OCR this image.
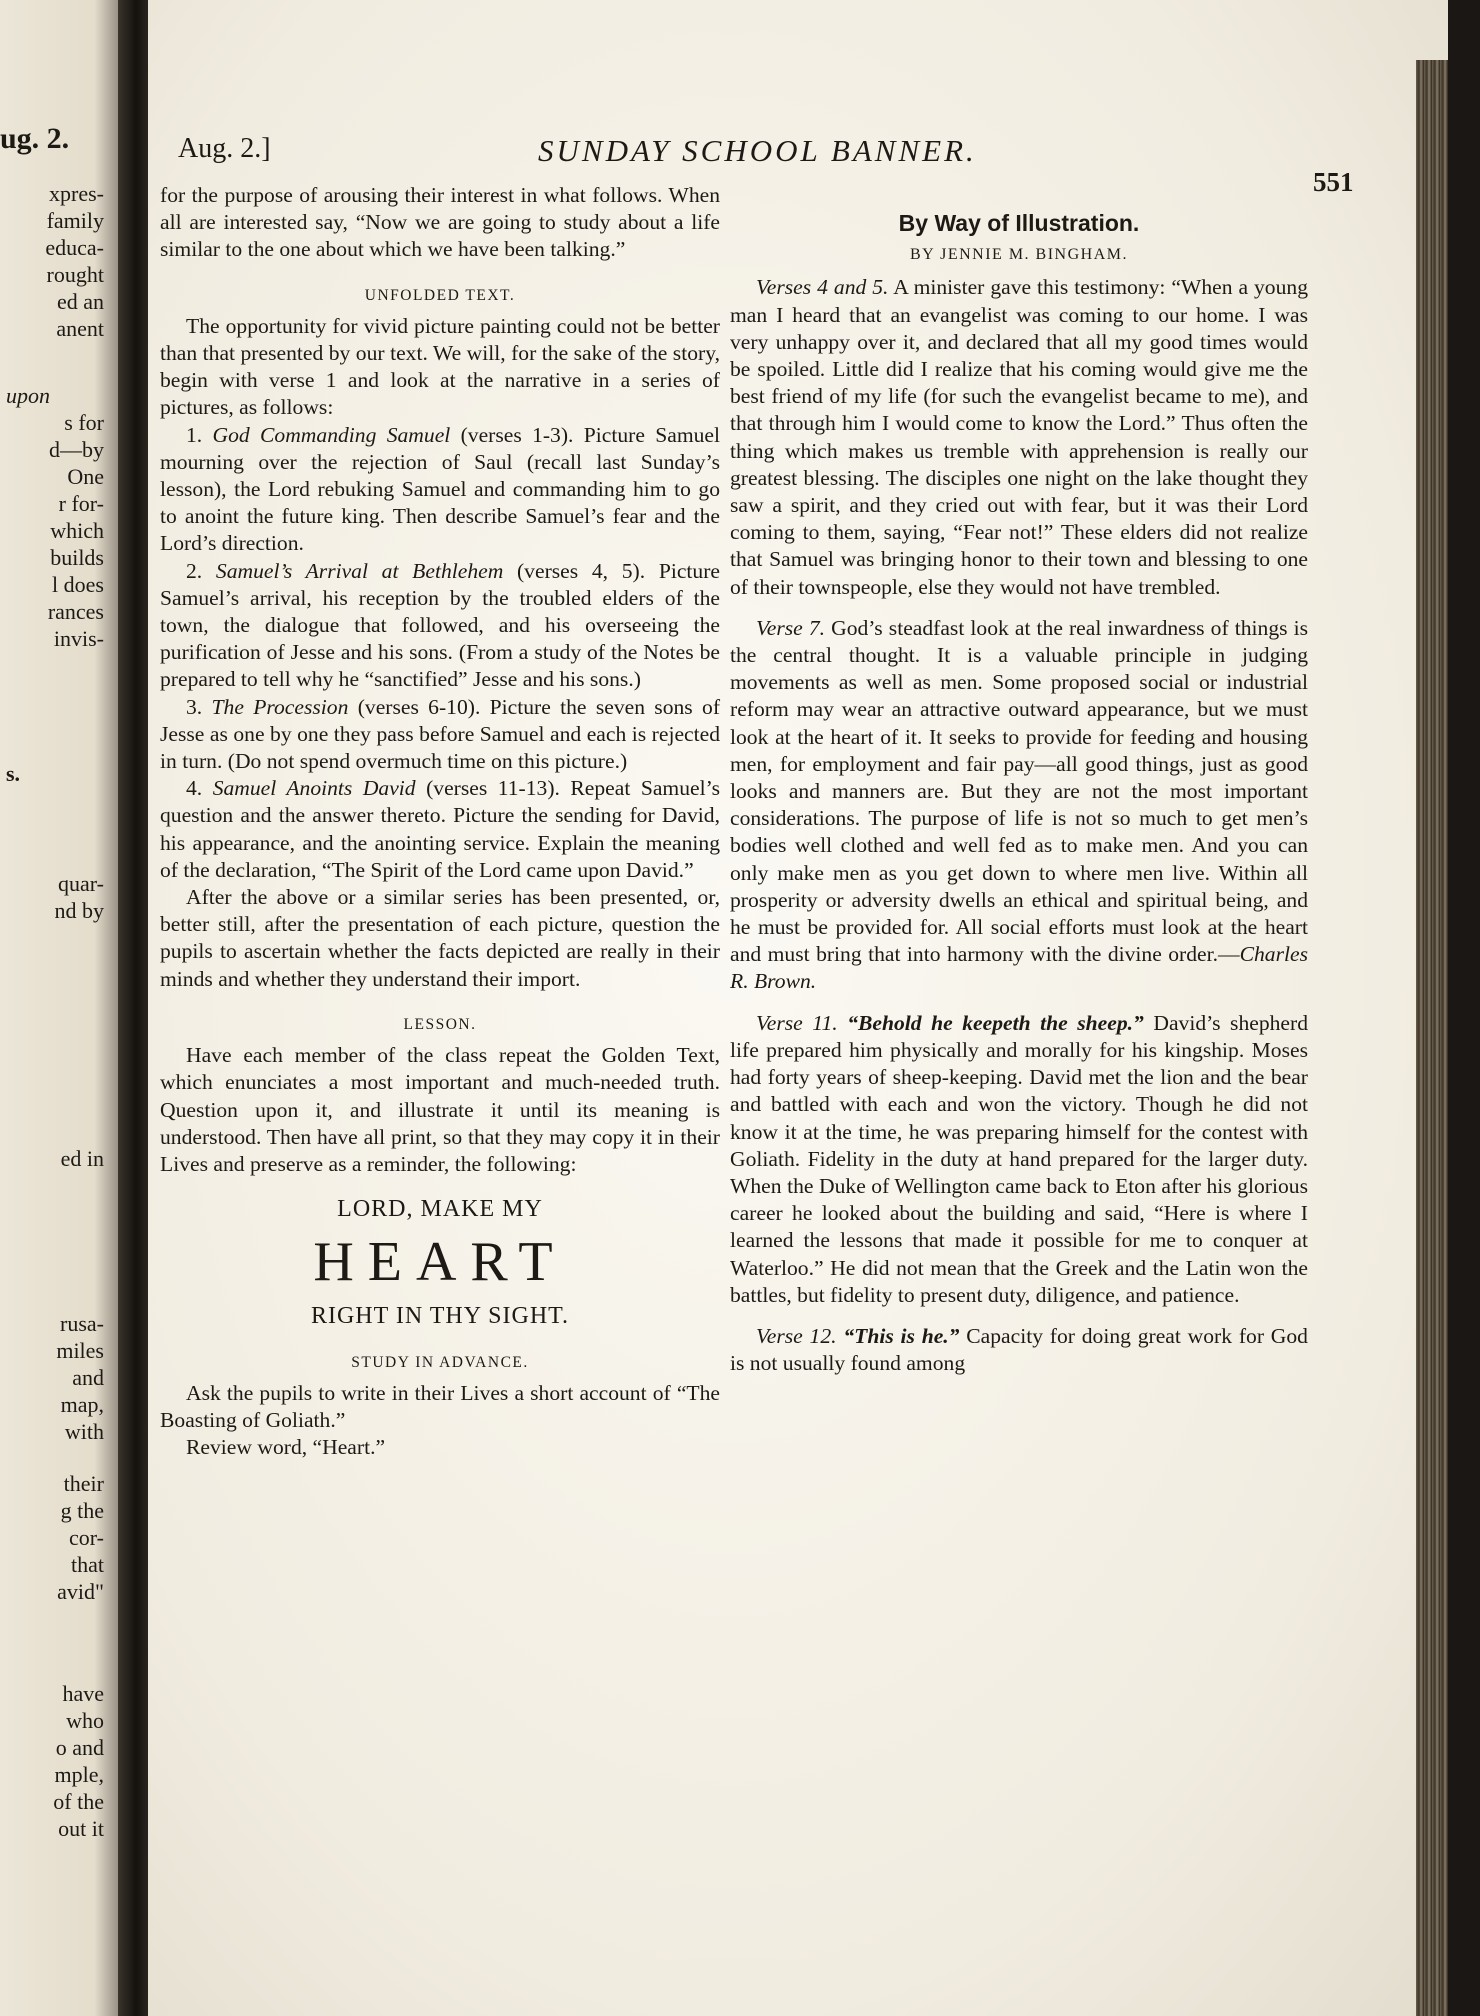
ug. 2.
xpres-
family
educa-
rought
ed an
anent
upon
s for
d—by
One
r for-
which
builds
l does
rances
invis-
s.
quar-
nd by
ed in
rusa-
miles
and
map,
with
their
g the
cor-
that
avid"
have
who
o and
mple,
of the
out it
Aug. 2.]	SUNDAY SCHOOL BANNER.
551

for the purpose of arousing their interest in what follows. When all are interested say, “Now we are going to study about a life similar to the one about which we have been talking.”

UNFOLDED TEXT.

The opportunity for vivid picture painting could not be better than that presented by our text. We will, for the sake of the story, begin with verse 1 and look at the narrative in a series of pictures, as follows:

1. God Commanding Samuel (verses 1-3). Picture Samuel mourning over the rejection of Saul (recall last Sunday’s lesson), the Lord rebuking Samuel and commanding him to go to anoint the future king. Then describe Samuel’s fear and the Lord’s direction.

2. Samuel’s Arrival at Bethlehem (verses 4, 5). Picture Samuel’s arrival, his reception by the troubled elders of the town, the dialogue that followed, and his overseeing the purification of Jesse and his sons. (From a study of the Notes be prepared to tell why he “sanctified” Jesse and his sons.)

3. The Procession (verses 6-10). Picture the seven sons of Jesse as one by one they pass before Samuel and each is rejected in turn. (Do not spend overmuch time on this picture.)

4. Samuel Anoints David (verses 11-13). Repeat Samuel’s question and the answer thereto. Picture the sending for David, his appearance, and the anointing service. Explain the meaning of the declaration, “The Spirit of the Lord came upon David.”

After the above or a similar series has been presented, or, better still, after the presentation of each picture, question the pupils to ascertain whether the facts depicted are really in their minds and whether they understand their import.

LESSON.

Have each member of the class repeat the Golden Text, which enunciates a most important and much-needed truth. Question upon it, and illustrate it until its meaning is understood. Then have all print, so that they may copy it in their Lives and preserve as a reminder, the following:

LORD, MAKE MY
HEART
RIGHT IN THY SIGHT.
STUDY IN ADVANCE.

Ask the pupils to write in their Lives a short account of “The Boasting of Goliath.”

Review word, “Heart.”

By Way of Illustration.
BY JENNIE M. BINGHAM.

Verses 4 and 5. A minister gave this testimony: “When a young man I heard that an evangelist was coming to our home. I was very unhappy over it, and declared that all my good times would be spoiled. Little did I realize that his coming would give me the best friend of my life (for such the evangelist became to me), and that through him I would come to know the Lord.” Thus often the thing which makes us tremble with apprehension is really our greatest blessing. The disciples one night on the lake thought they saw a spirit, and they cried out with fear, but it was their Lord coming to them, saying, “Fear not!” These elders did not realize that Samuel was bringing honor to their town and blessing to one of their townspeople, else they would not have trembled.

Verse 7. God’s steadfast look at the real inwardness of things is the central thought. It is a valuable principle in judging movements as well as men. Some proposed social or industrial reform may wear an attractive outward appearance, but we must look at the heart of it. It seeks to provide for feeding and housing men, for employment and fair pay—all good things, just as good looks and manners are. But they are not the most important considerations. The purpose of life is not so much to get men’s bodies well clothed and well fed as to make men. And you can only make men as you get down to where men live. Within all prosperity or adversity dwells an ethical and spiritual being, and he must be provided for. All social efforts must look at the heart and must bring that into harmony with the divine order.—Charles R. Brown.

Verse 11. “Behold he keepeth the sheep.” David’s shepherd life prepared him physically and morally for his kingship. Moses had forty years of sheep-keeping. David met the lion and the bear and battled with each and won the victory. Though he did not know it at the time, he was preparing himself for the contest with Goliath. Fidelity in the duty at hand prepared for the larger duty. When the Duke of Wellington came back to Eton after his glorious career he looked about the building and said, “Here is where I learned the lessons that made it possible for me to conquer at Waterloo.” He did not mean that the Greek and the Latin won the battles, but fidelity to present duty, diligence, and patience.

Verse 12. “This is he.” Capacity for doing great work for God is not usually found among
